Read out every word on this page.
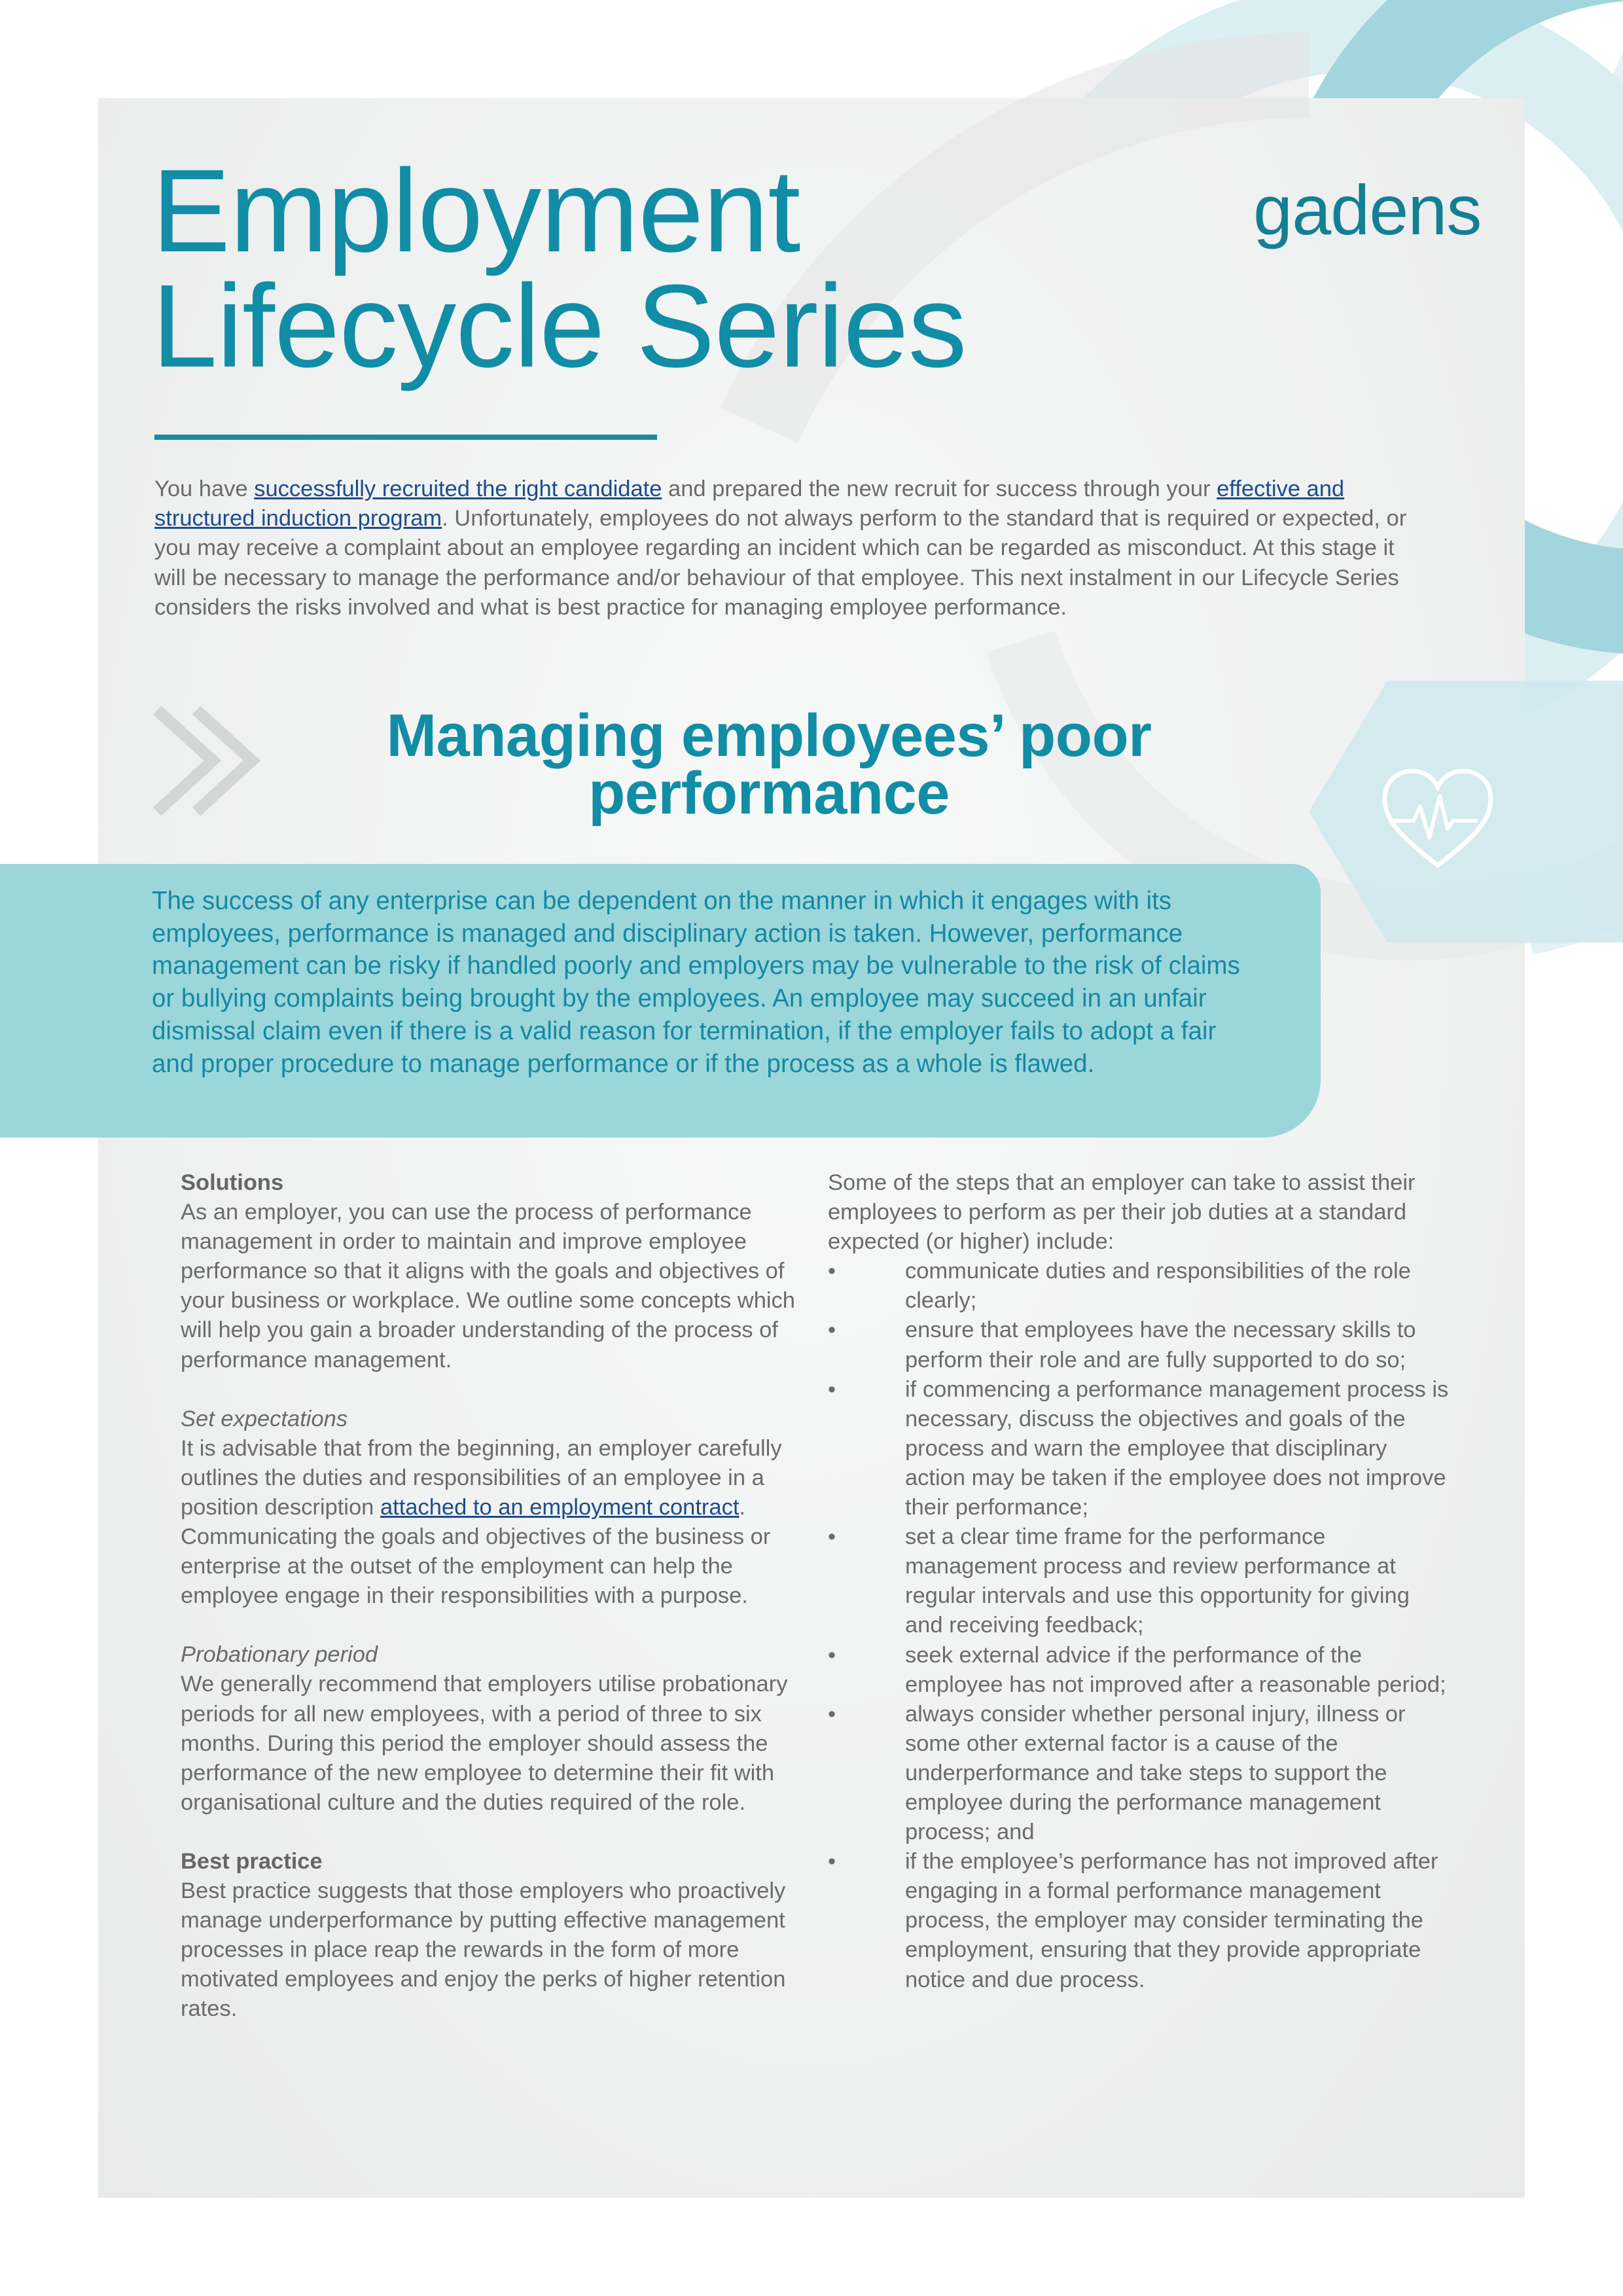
Employment
Lifecycle Series
gadens

You have successfully recruited the right candidate and prepared the new recruit for success through your effective and structured induction program. Unfortunately, employees do not always perform to the standard that is required or expected, or you may receive a complaint about an employee regarding an incident which can be regarded as misconduct. At this stage it will be necessary to manage the performance and/or behaviour of that employee. This next instalment in our Lifecycle Series considers the risks involved and what is best practice for managing employee performance.

Managing employees’ poor
performance

The success of any enterprise can be dependent on the manner in which it engages with its employees, performance is managed and disciplinary action is taken. However, performance management can be risky if handled poorly and employers may be vulnerable to the risk of claims or bullying complaints being brought by the employees. An employee may succeed in an unfair dismissal claim even if there is a valid reason for termination, if the employer fails to adopt a fair and proper procedure to manage performance or if the process as a whole is flawed.

Solutions

As an employer, you can use the process of performance management in order to maintain and improve employee performance so that it aligns with the goals and objectives of your business or workplace. We outline some concepts which will help you gain a broader understanding of the process of performance management.

Set expectations

It is advisable that from the beginning, an employer carefully outlines the duties and responsibilities of an employee in a position description attached to an employment contract. Communicating the goals and objectives of the business or enterprise at the outset of the employment can help the employee engage in their responsibilities with a purpose.

Probationary period

We generally recommend that employers utilise probationary periods for all new employees, with a period of three to six months. During this period the employer should assess the performance of the new employee to determine their fit with organisational culture and the duties required of the role.

Best practice

Best practice suggests that those employers who proactively manage underperformance by putting effective management processes in place reap the rewards in the form of more motivated employees and enjoy the perks of higher retention rates.

Some of the steps that an employer can take to assist their employees to perform as per their job duties at a standard expected (or higher) include:

•	communicate duties and responsibilities of the role clearly;
•	ensure that employees have the necessary skills to perform their role and are fully supported to do so;
•	if commencing a performance management process is necessary, discuss the objectives and goals of the process and warn the employee that disciplinary action may be taken if the employee does not improve their performance;
•	set a clear time frame for the performance management process and review performance at regular intervals and use this opportunity for giving and receiving feedback;
•	seek external advice if the performance of the employee has not improved after a reasonable period;
•	always consider whether personal injury, illness or some other external factor is a cause of the underperformance and take steps to support the employee during the performance management process; and
•	if the employee’s performance has not improved after engaging in a formal performance management process, the employer may consider terminating the employment, ensuring that they provide appropriate notice and due process.
